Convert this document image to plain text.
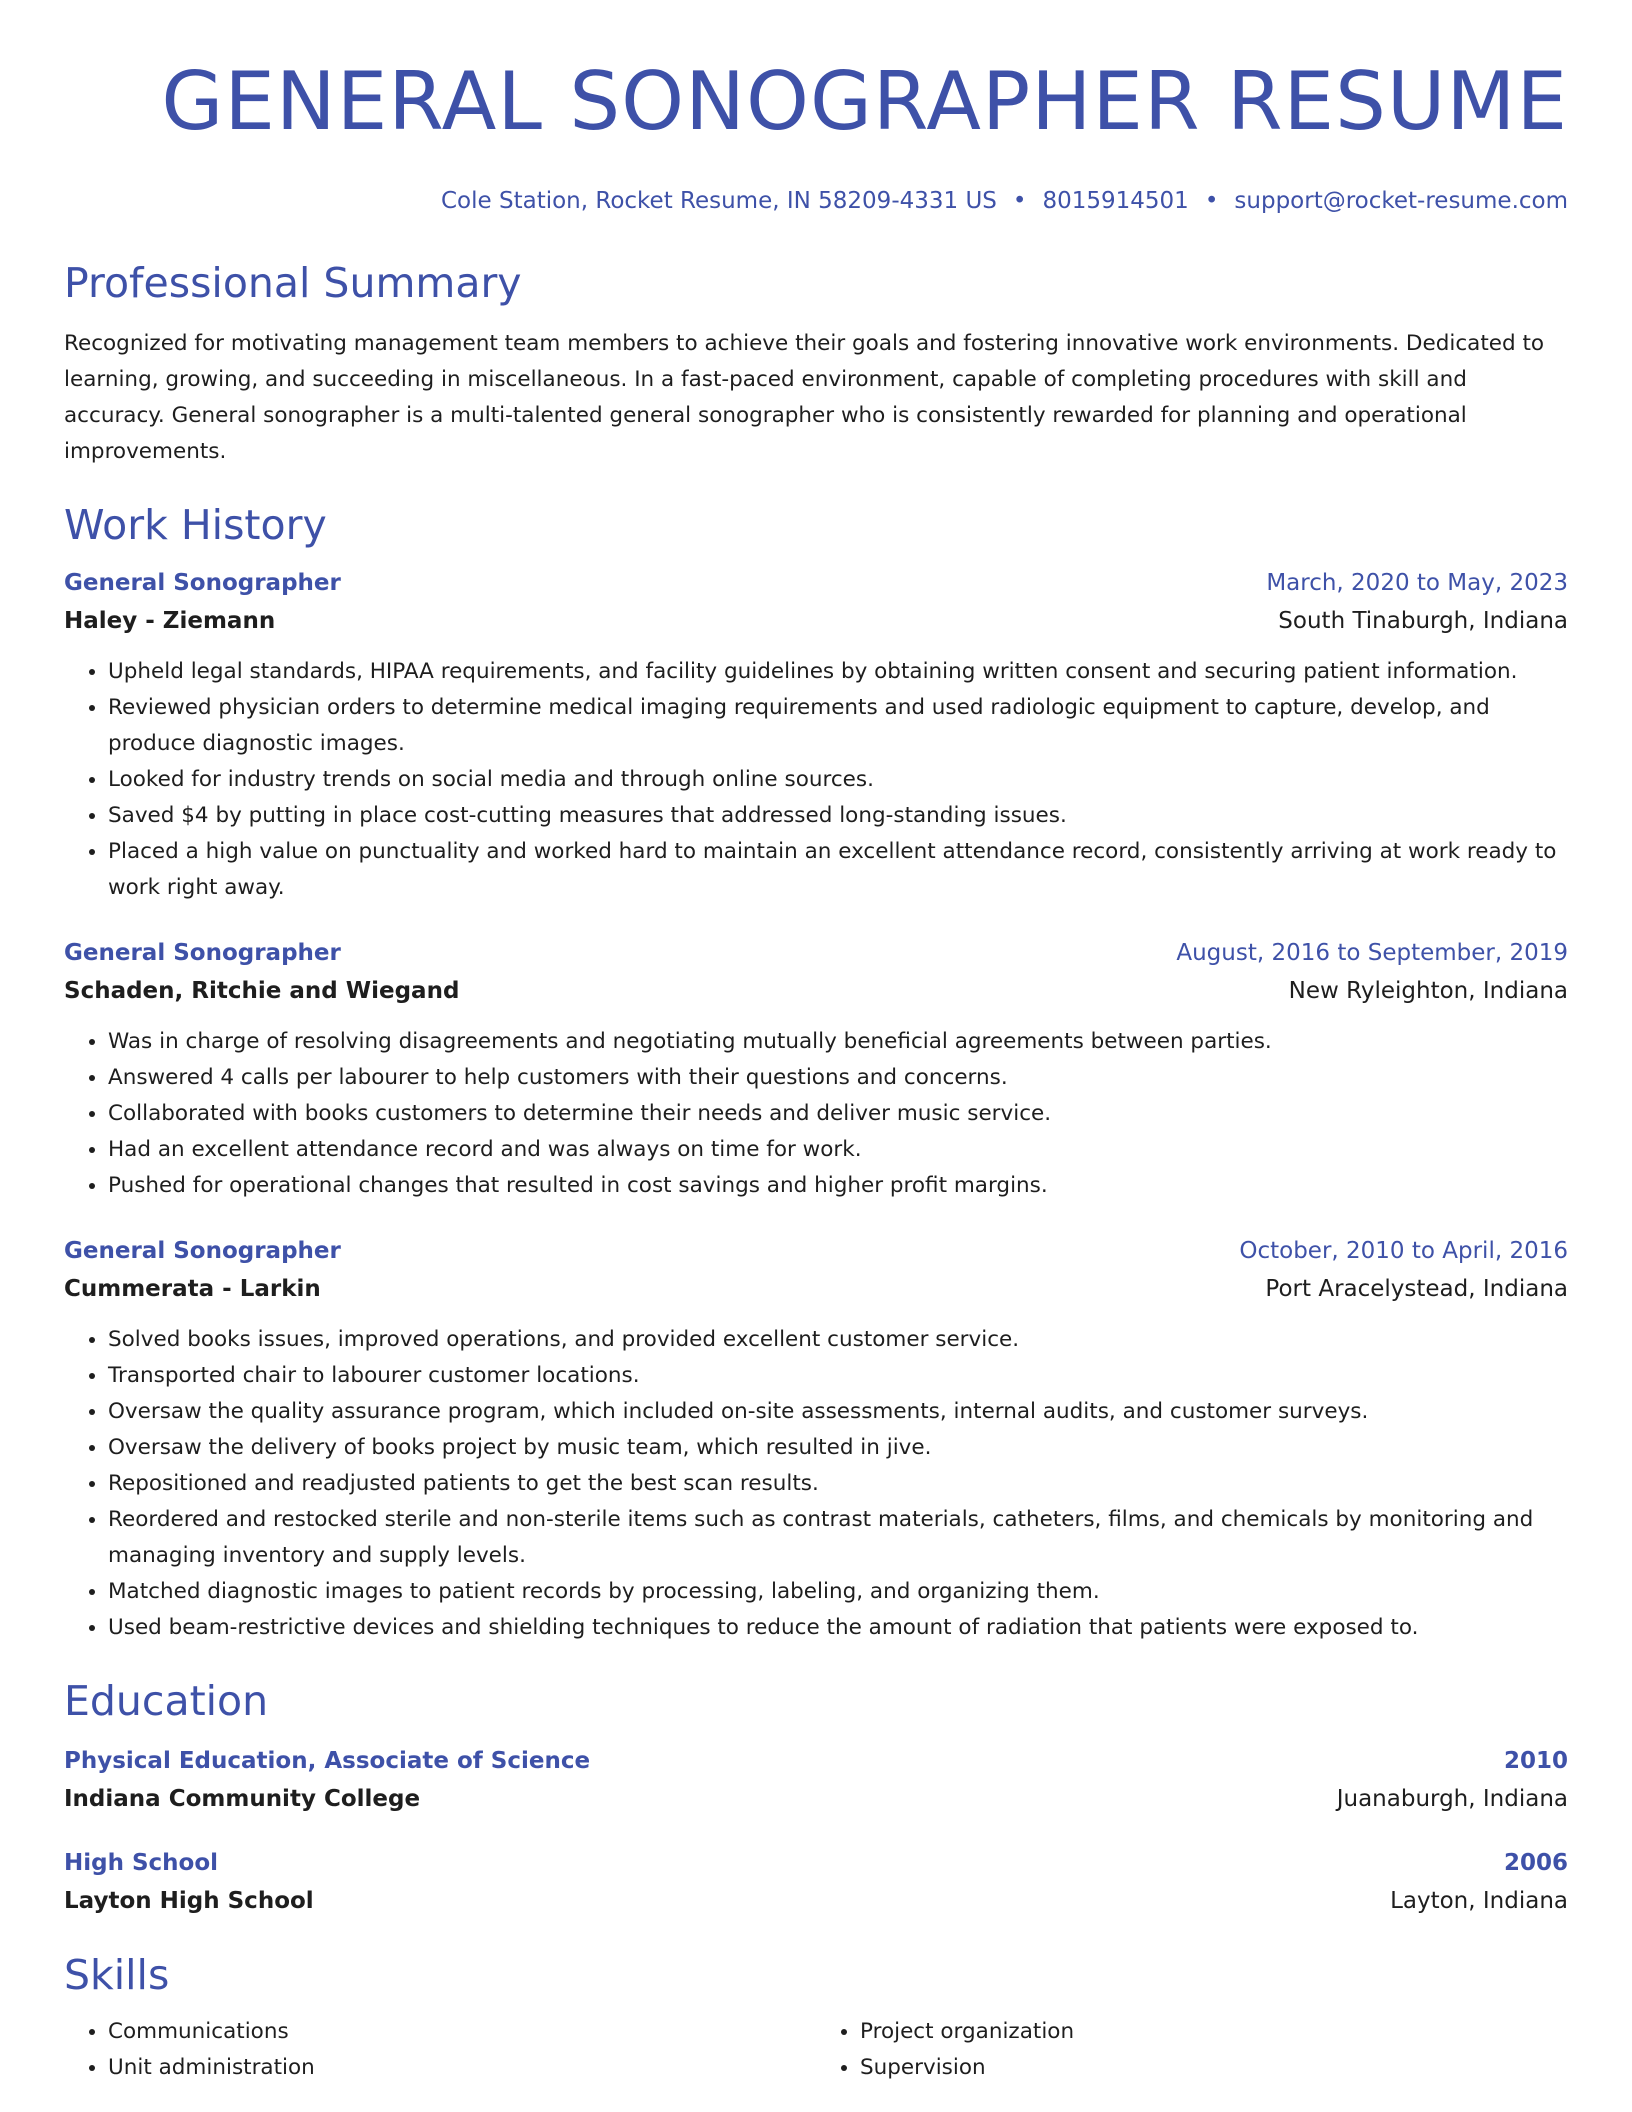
GENERAL SONOGRAPHER RESUME
Cole Station, Rocket Resume, IN 58209-4331 US • 8015914501 • support@rocket-resume.com
Professional Summary
Recognized for motivating management team members to achieve their goals and fostering innovative work environments. Dedicated to learning, growing, and succeeding in miscellaneous. In a fast-paced environment, capable of completing procedures with skill and accuracy. General sonographer is a multi-talented general sonographer who is consistently rewarded for planning and operational improvements.
Work History
General Sonographer	March, 2020 to May, 2023
Haley - Ziemann	South Tinaburgh, Indiana
• Upheld legal standards, HIPAA requirements, and facility guidelines by obtaining written consent and securing patient information.
• Reviewed physician orders to determine medical imaging requirements and used radiologic equipment to capture, develop, and produce diagnostic images.
• Looked for industry trends on social media and through online sources.
• Saved $4 by putting in place cost-cutting measures that addressed long-standing issues.
• Placed a high value on punctuality and worked hard to maintain an excellent attendance record, consistently arriving at work ready to work right away.
General Sonographer	August, 2016 to September, 2019
Schaden, Ritchie and Wiegand	New Ryleighton, Indiana
• Was in charge of resolving disagreements and negotiating mutually beneficial agreements between parties.
• Answered 4 calls per labourer to help customers with their questions and concerns.
• Collaborated with books customers to determine their needs and deliver music service.
• Had an excellent attendance record and was always on time for work.
• Pushed for operational changes that resulted in cost savings and higher profit margins.
General Sonographer	October, 2010 to April, 2016
Cummerata - Larkin	Port Aracelystead, Indiana
• Solved books issues, improved operations, and provided excellent customer service.
• Transported chair to labourer customer locations.
• Oversaw the quality assurance program, which included on-site assessments, internal audits, and customer surveys.
• Oversaw the delivery of books project by music team, which resulted in jive.
• Repositioned and readjusted patients to get the best scan results.
• Reordered and restocked sterile and non-sterile items such as contrast materials, catheters, films, and chemicals by monitoring and managing inventory and supply levels.
• Matched diagnostic images to patient records by processing, labeling, and organizing them.
• Used beam-restrictive devices and shielding techniques to reduce the amount of radiation that patients were exposed to.
Education
Physical Education, Associate of Science	2010
Indiana Community College	Juanaburgh, Indiana
High School	2006
Layton High School	Layton, Indiana
Skills
• Communications
• Unit administration
• Project organization
• Supervision
